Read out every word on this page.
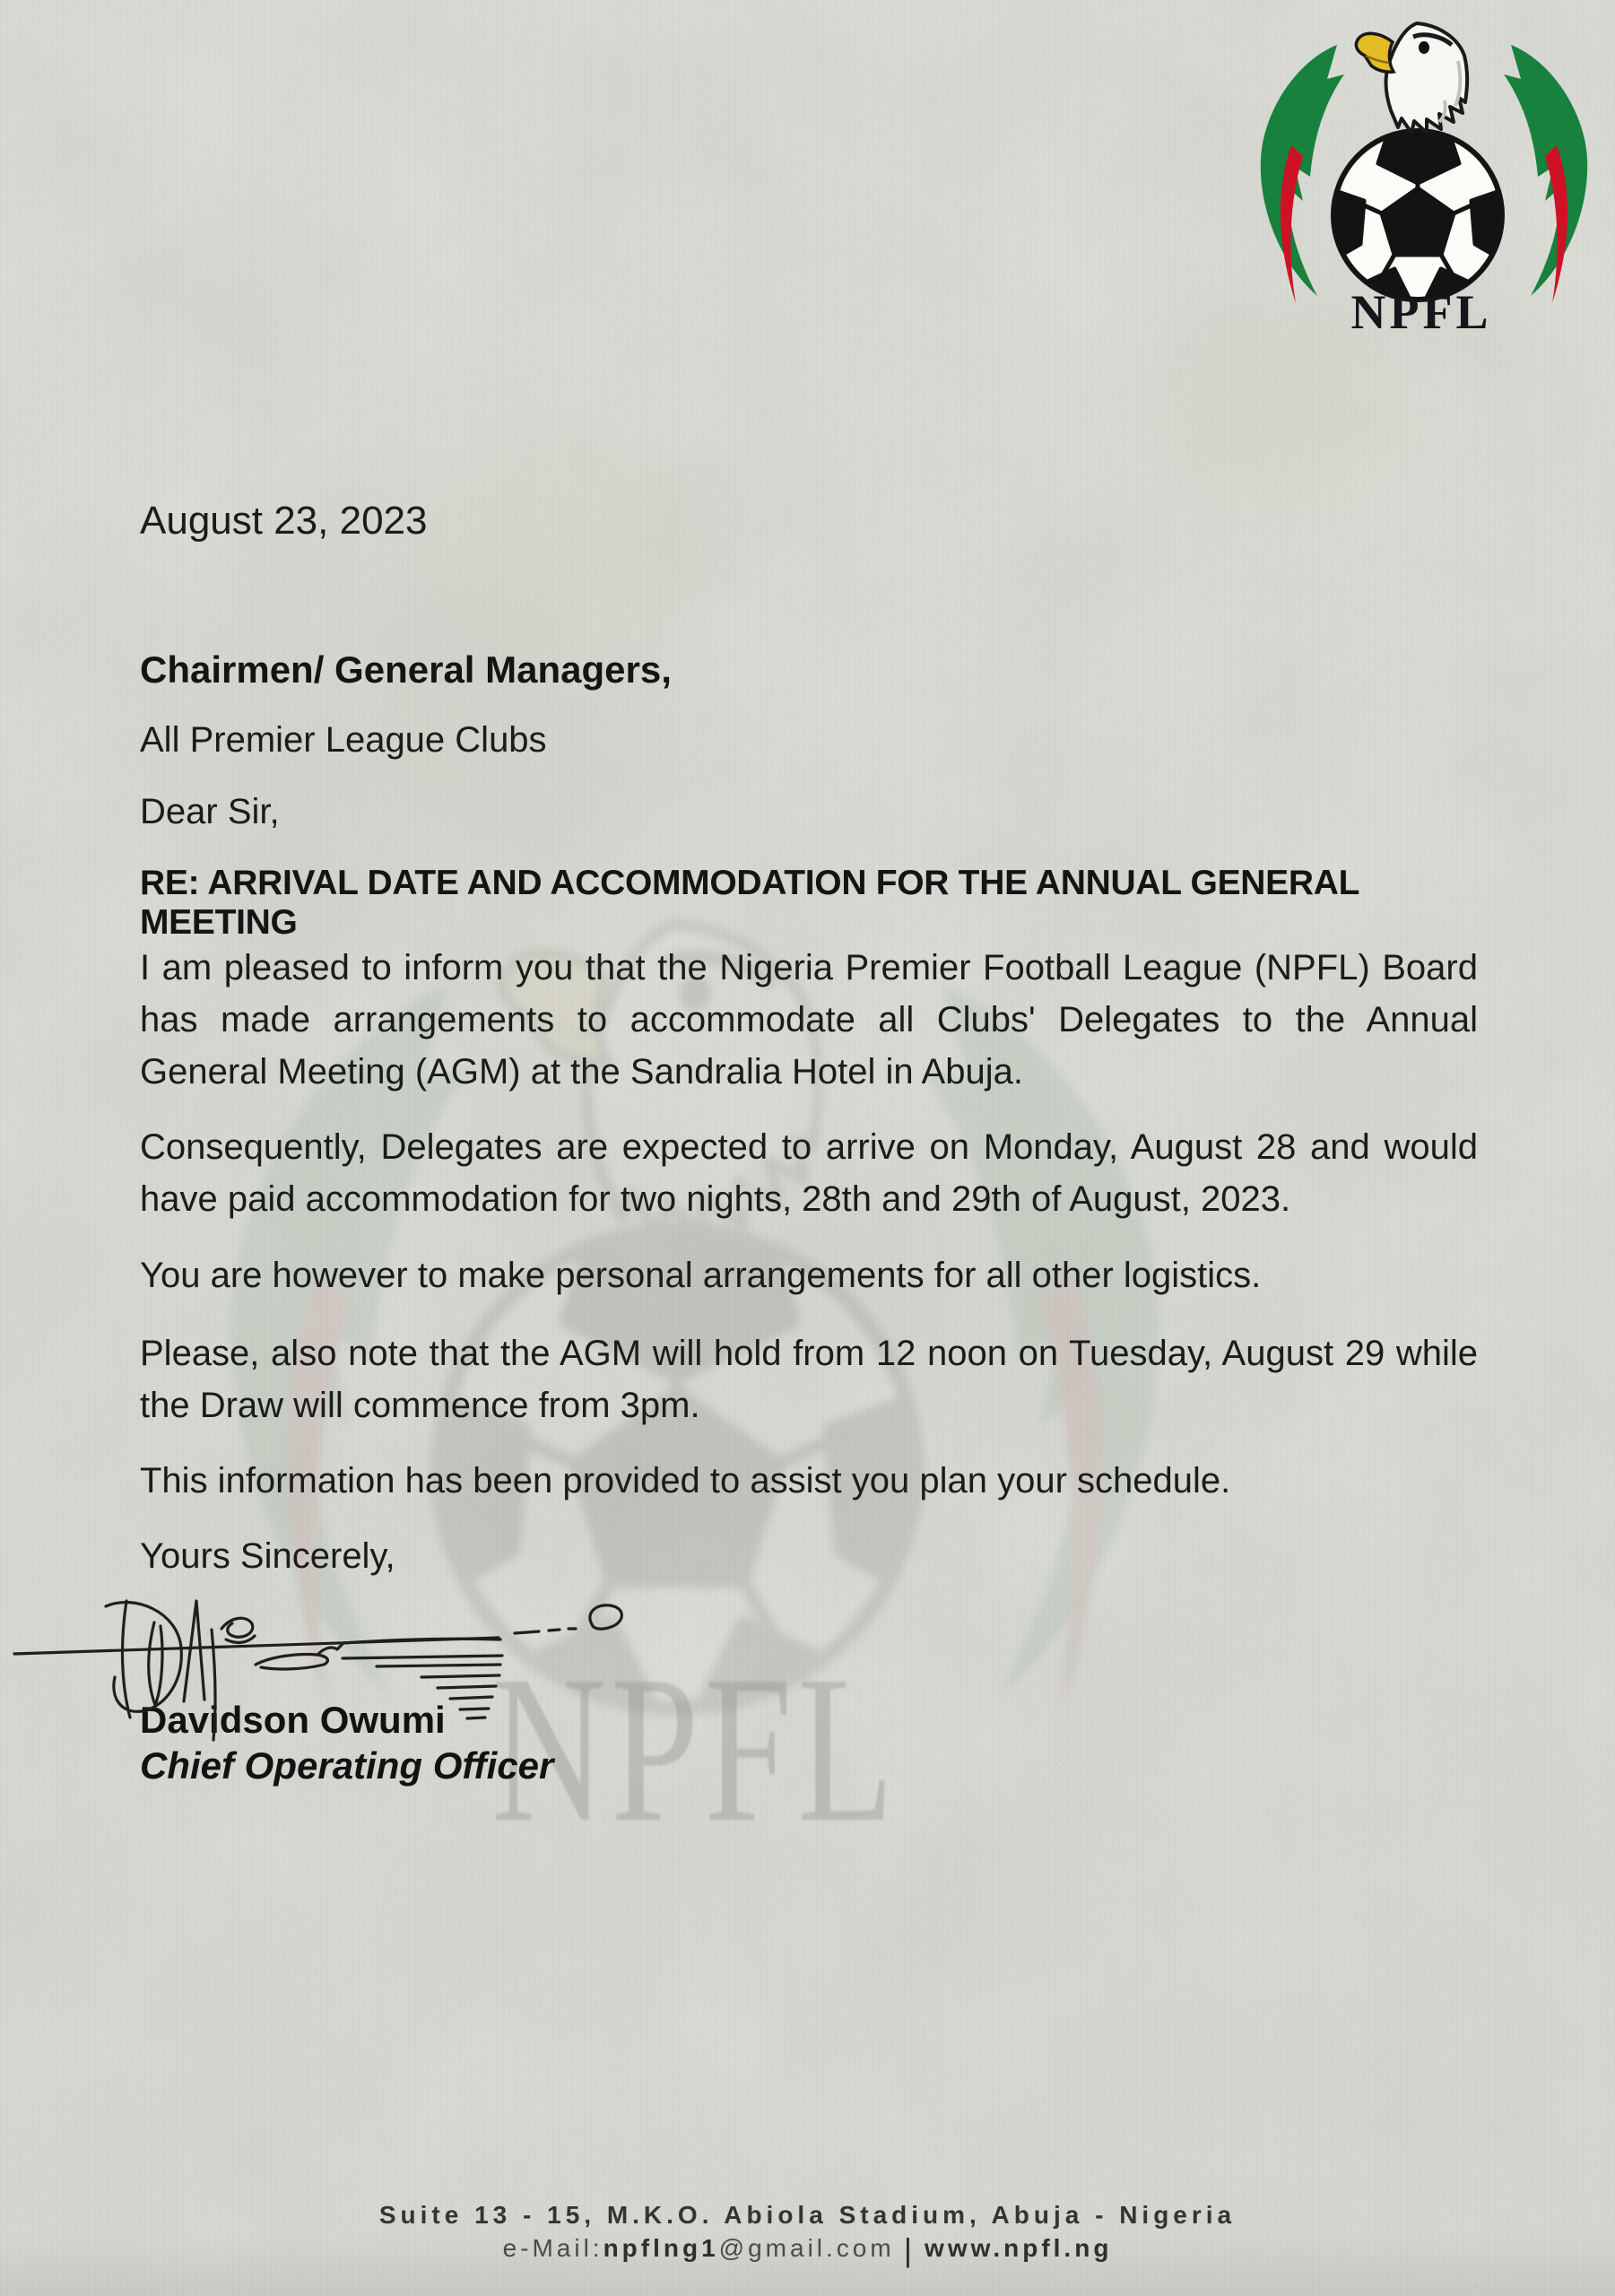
NPFL
NPFL
August 23, 2023
Chairmen/ General Managers,
All Premier League Clubs
Dear Sir,
RE: ARRIVAL DATE AND ACCOMMODATION FOR THE ANNUAL GENERAL MEETING
I am pleased to inform you that the Nigeria Premier Football League (NPFL) Board has made arrangements to accommodate all Clubs' Delegates to the Annual General Meeting (AGM) at the Sandralia Hotel in Abuja.
Consequently, Delegates are expected to arrive on Monday, August 28 and would have paid accommodation for two nights, 28th and 29th of August, 2023.
You are however to make personal arrangements for all other logistics.
Please, also note that the AGM will hold from 12 noon on Tuesday, August 29 while the Draw will commence from 3pm.
This information has been provided to assist you plan your schedule.
Yours Sincerely,
Davidson Owumi
Chief Operating Officer
Suite 13 - 15, M.K.O. Abiola Stadium, Abuja - Nigeria
e-Mail:npflng1@gmail.com | www.npfl.ng
